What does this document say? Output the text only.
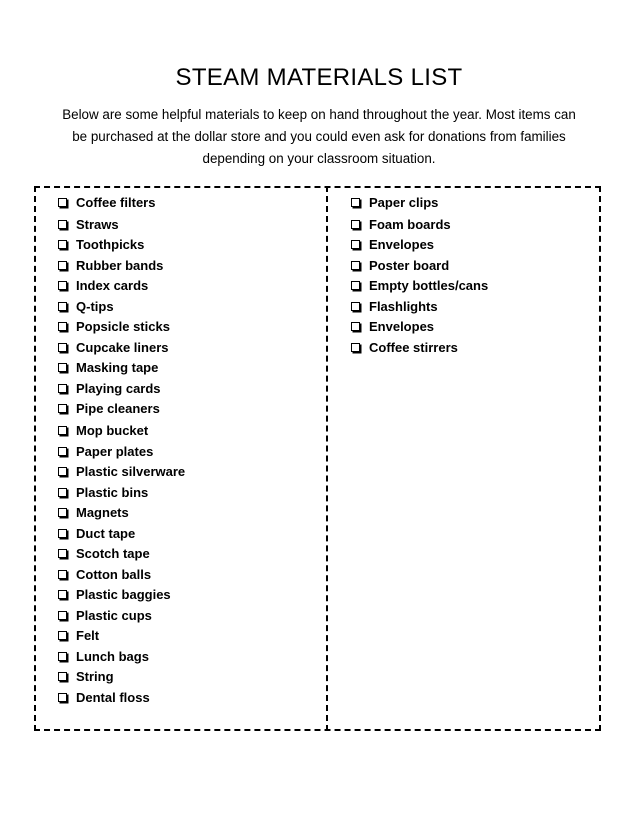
STEAM MATERIALS LIST
Below are some helpful materials to keep on hand throughout the year. Most items can be purchased at the dollar store and you could even ask for donations from families depending on your classroom situation.
Coffee filters
Straws
Toothpicks
Rubber bands
Index cards
Q-tips
Popsicle sticks
Cupcake liners
Masking tape
Playing cards
Pipe cleaners
Mop bucket
Paper plates
Plastic silverware
Plastic bins
Magnets
Duct tape
Scotch tape
Cotton balls
Plastic baggies
Plastic cups
Felt
Lunch bags
String
Dental floss
Paper clips
Foam boards
Envelopes
Poster board
Empty bottles/cans
Flashlights
Envelopes
Coffee stirrers
